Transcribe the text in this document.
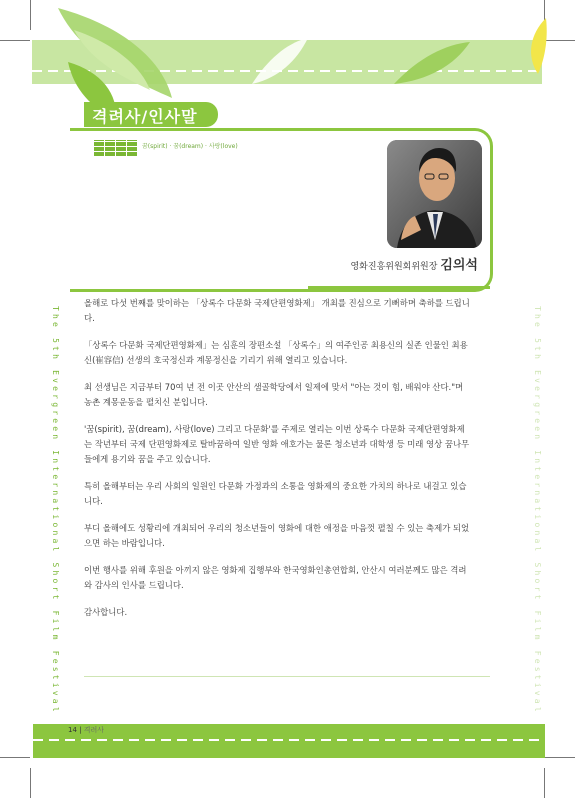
격려사/인사말
꿈(spirit) · 꿈(dream) · 사랑(love)
영화진흥위원회위원장 김의석
The 5th Evergreen International Short Film Festival	The 5th Evergreen International Short Film Festival

올해로 다섯 번째를 맞이하는 「상록수 다문화 국제단편영화제」 개최를 진심으로 기뻐하며 축하를 드립니다.

「상록수 다문화 국제단편영화제」는 심훈의 장편소설 「상록수」의 여주인공 최용신의 실존 인물인 최용신(崔容信) 선생의 호국정신과 계몽정신을 기리기 위해 열리고 있습니다.

최 선생님은 지금부터 70여 년 전 이곳 안산의 샘골학당에서 일제에 맞서 "아는 것이 힘, 배워야 산다."며 농촌 계몽운동을 펼치신 분입니다.

'꿈(spirit), 꿈(dream), 사랑(love) 그리고 다문화'를 주제로 열리는 이번 상록수 다문화 국제단편영화제는 작년부터 국제 단편영화제로 탈바꿈하여 일반 영화 애호가는 물론 청소년과 대학생 등 미래 영상 꿈나무들에게 용기와 꿈을 주고 있습니다.

특히 올해부터는 우리 사회의 일원인 다문화 가정과의 소통을 영화제의 중요한 가치의 하나로 내걸고 있습니다.

부디 올해에도 성황리에 개최되어 우리의 청소년들이 영화에 대한 애정을 마음껏 펼칠 수 있는 축제가 되었으면 하는 바람입니다.

이번 행사를 위해 후원을 아끼지 않은 영화제 집행부와 한국영화인총연합회, 안산시 여러분께도 많은 격려와 감사의 인사를 드립니다.

감사합니다.

14 | 격려사
